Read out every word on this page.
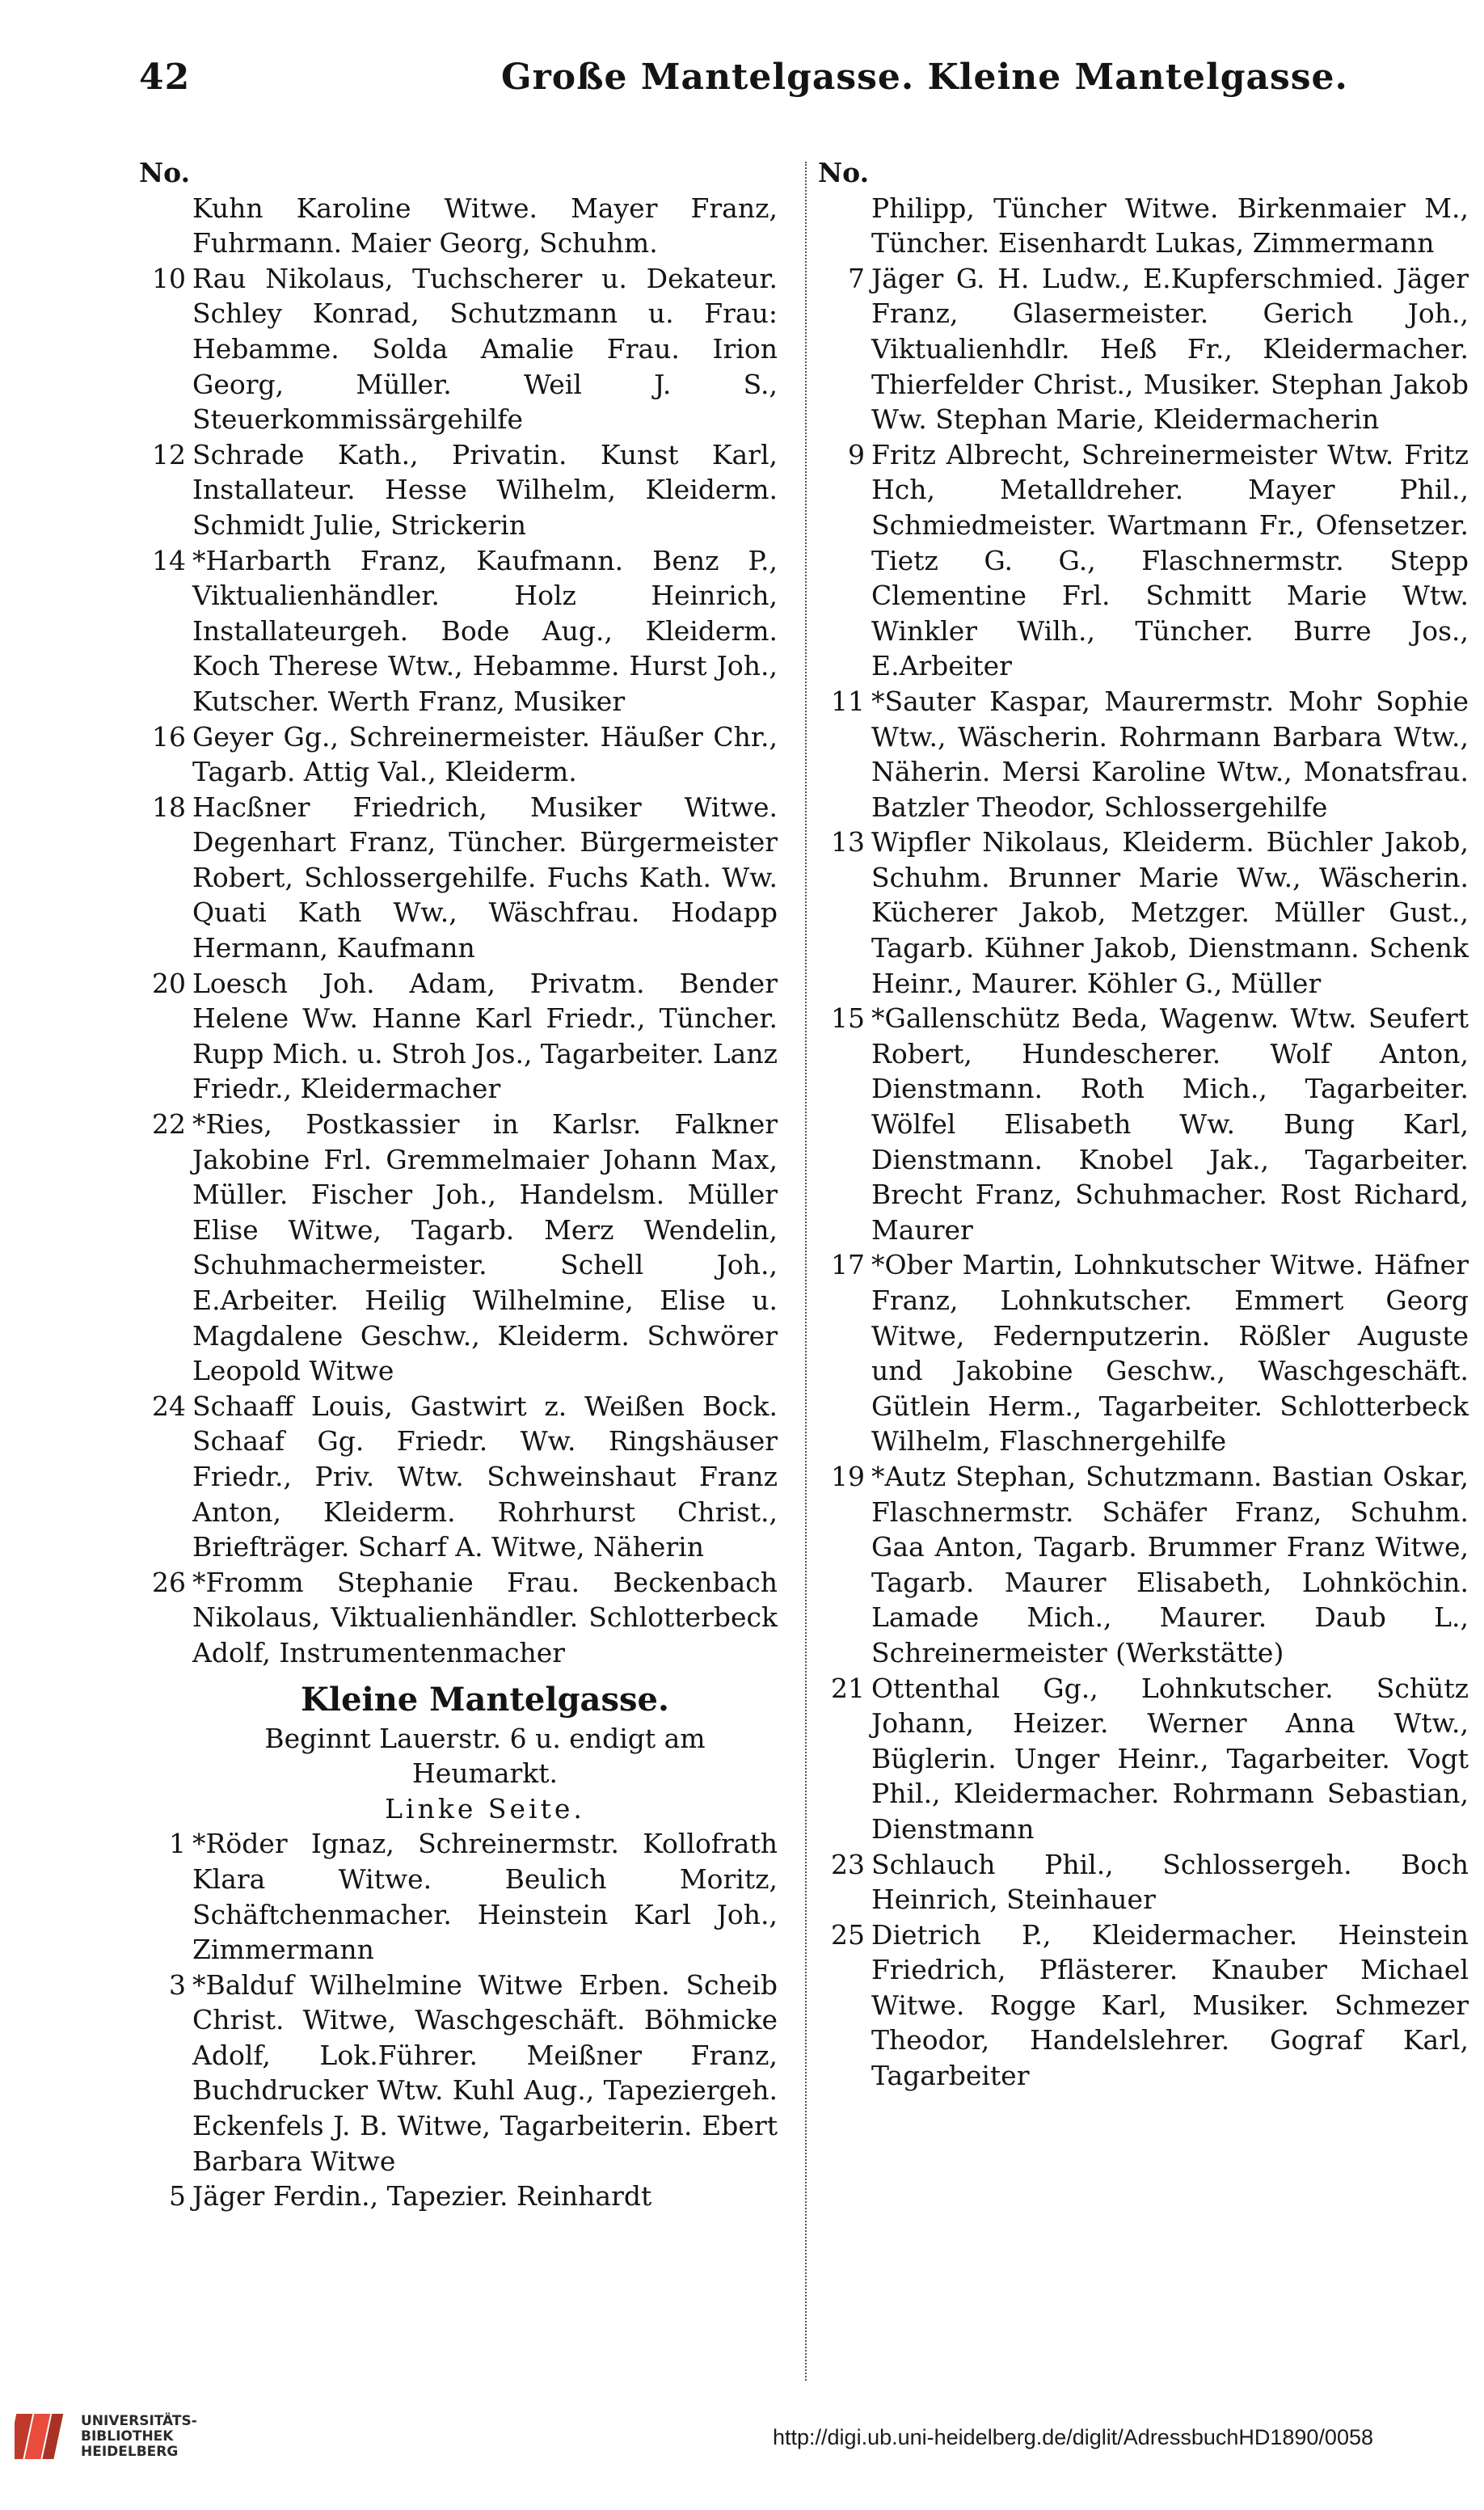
42	Große Mantelgasse. Kleine Mantelgasse.
No.
Kuhn Karoline Witwe. Mayer Franz, Fuhrmann. Maier Georg, Schuhm.
10 Rau Nikolaus, Tuchscherer u. Dekateur. Schley Konrad, Schutzmann u. Frau: Hebamme. Solda Amalie Frau. Irion Georg, Müller. Weil J. S., Steuerkommissärgehilfe
12 Schrade Kath., Privatin. Kunst Karl, Installateur. Hesse Wilhelm, Kleiderm. Schmidt Julie, Strickerin
14 *Harbarth Franz, Kaufmann. Benz P., Viktualienhändler. Holz Heinrich, Installateurgeh. Bode Aug., Kleiderm. Koch Therese Wtw., Hebamme. Hurst Joh., Kutscher. Werth Franz, Musiker
16 Geyer Gg., Schreinermeister. Häußer Chr., Tagarb. Attig Val., Kleiderm.
18 Hacßner Friedrich, Musiker Witwe. Degenhart Franz, Tüncher. Bürgermeister Robert, Schlossergehilfe. Fuchs Kath. Ww. Quati Kath Ww., Wäschfrau. Hodapp Hermann, Kaufmann
20 Loesch Joh. Adam, Privatm. Bender Helene Ww. Hanne Karl Friedr., Tüncher. Rupp Mich. u. Stroh Jos., Tagarbeiter. Lanz Friedr., Kleidermacher
22 *Ries, Postkassier in Karlsr. Falkner Jakobine Frl. Gremmelmaier Johann Max, Müller. Fischer Joh., Handelsm. Müller Elise Witwe, Tagarb. Merz Wendelin, Schuhmachermeister. Schell Joh., E.Arbeiter. Heilig Wilhelmine, Elise u. Magdalene Geschw., Kleiderm. Schwörer Leopold Witwe
24 Schaaff Louis, Gastwirt z. Weißen Bock. Schaaf Gg. Friedr. Ww. Ringshäuser Friedr., Priv. Wtw. Schweinshaut Franz Anton, Kleiderm. Rohrhurst Christ., Briefträger. Scharf A. Witwe, Näherin
26 *Fromm Stephanie Frau. Beckenbach Nikolaus, Viktualienhändler. Schlotterbeck Adolf, Instrumentenmacher
Kleine Mantelgasse.
Beginnt Lauerstr. 6 u. endigt am Heumarkt.
Linke Seite.
1 *Röder Ignaz, Schreinermstr. Kollofrath Klara Witwe. Beulich Moritz, Schäftchenmacher. Heinstein Karl Joh., Zimmermann
3 *Balduf Wilhelmine Witwe Erben. Scheib Christ. Witwe, Waschgeschäft. Böhmicke Adolf, Lok.Führer. Meißner Franz, Buchdrucker Wtw. Kuhl Aug., Tapeziergeh. Eckenfels J. B. Witwe, Tagarbeiterin. Ebert Barbara Witwe
5 Jäger Ferdin., Tapezier. Reinhardt
No.
Philipp, Tüncher Witwe. Birkenmaier M., Tüncher. Eisenhardt Lukas, Zimmermann
7 Jäger G. H. Ludw., E.Kupferschmied. Jäger Franz, Glasermeister. Gerich Joh., Viktualienhdlr. Heß Fr., Kleidermacher. Thierfelder Christ., Musiker. Stephan Jakob Ww. Stephan Marie, Kleidermacherin
9 Fritz Albrecht, Schreinermeister Wtw. Fritz Hch, Metalldreher. Mayer Phil., Schmiedmeister. Wartmann Fr., Ofensetzer. Tietz G. G., Flaschnermstr. Stepp Clementine Frl. Schmitt Marie Wtw. Winkler Wilh., Tüncher. Burre Jos., E.Arbeiter
11 *Sauter Kaspar, Maurermstr. Mohr Sophie Wtw., Wäscherin. Rohrmann Barbara Wtw., Näherin. Mersi Karoline Wtw., Monatsfrau. Batzler Theodor, Schlossergehilfe
13 Wipfler Nikolaus, Kleiderm. Büchler Jakob, Schuhm. Brunner Marie Ww., Wäscherin. Kücherer Jakob, Metzger. Müller Gust., Tagarb. Kühner Jakob, Dienstmann. Schenk Heinr., Maurer. Köhler G., Müller
15 *Gallenschütz Beda, Wagenw. Wtw. Seufert Robert, Hundescherer. Wolf Anton, Dienstmann. Roth Mich., Tagarbeiter. Wölfel Elisabeth Ww. Bung Karl, Dienstmann. Knobel Jak., Tagarbeiter. Brecht Franz, Schuhmacher. Rost Richard, Maurer
17 *Ober Martin, Lohnkutscher Witwe. Häfner Franz, Lohnkutscher. Emmert Georg Witwe, Federnputzerin. Rößler Auguste und Jakobine Geschw., Waschgeschäft. Gütlein Herm., Tagarbeiter. Schlotterbeck Wilhelm, Flaschnergehilfe
19 *Autz Stephan, Schutzmann. Bastian Oskar, Flaschnermstr. Schäfer Franz, Schuhm. Gaa Anton, Tagarb. Brummer Franz Witwe, Tagarb. Maurer Elisabeth, Lohnköchin. Lamade Mich., Maurer. Daub L., Schreinermeister (Werkstätte)
21 Ottenthal Gg., Lohnkutscher. Schütz Johann, Heizer. Werner Anna Wtw., Büglerin. Unger Heinr., Tagarbeiter. Vogt Phil., Kleidermacher. Rohrmann Sebastian, Dienstmann
23 Schlauch Phil., Schlossergeh. Boch Heinrich, Steinhauer
25 Dietrich P., Kleidermacher. Heinstein Friedrich, Pflästerer. Knauber Michael Witwe. Rogge Karl, Musiker. Schmezer Theodor, Handelslehrer. Gograf Karl, Tagarbeiter
UNIVERSITÄTS-
BIBLIOTHEK
HEIDELBERG
http://digi.ub.uni-heidelberg.de/diglit/AdressbuchHD1890/0058
